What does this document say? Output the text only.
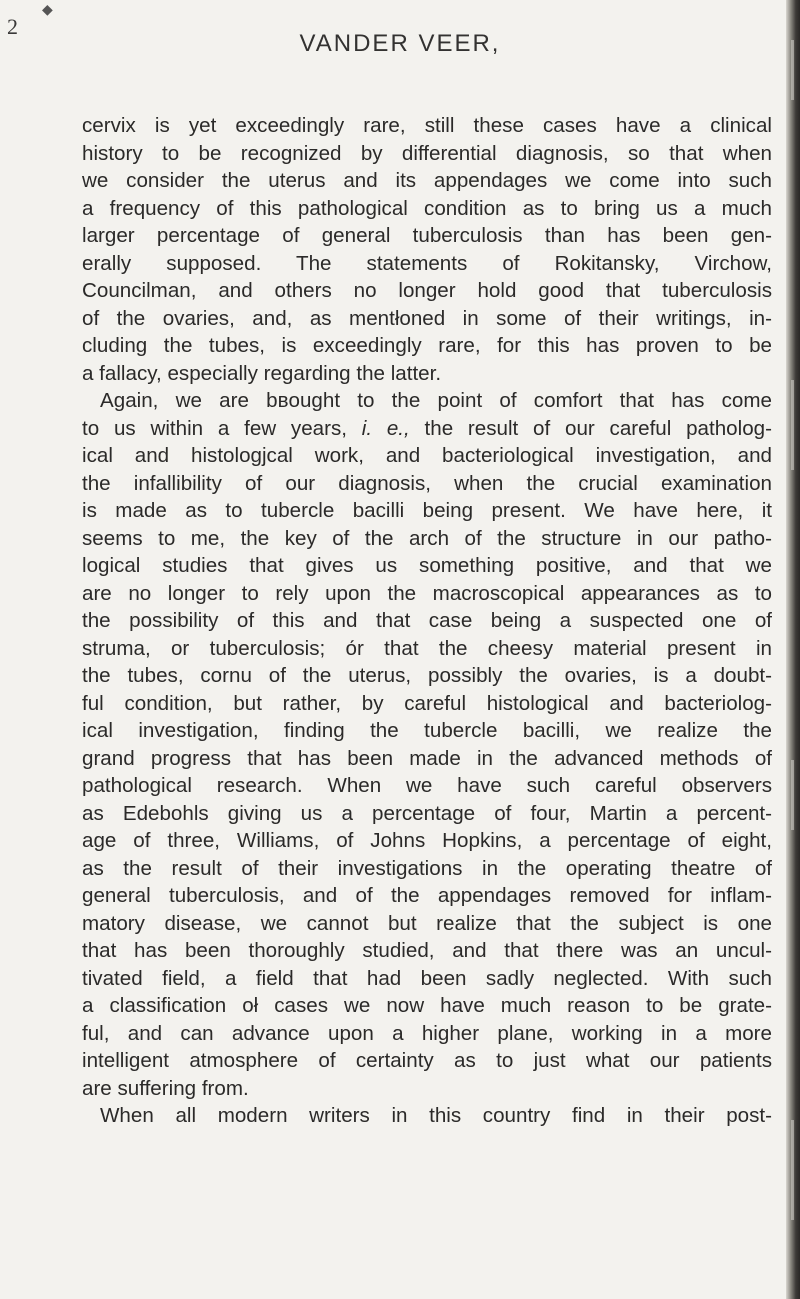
◆
2
VANDER VEER,
cervix is yet exceedingly rare, still these cases have a clinical
history to be recognized by differential diagnosis, so that when
we consider the uterus and its appendages we come into such
a frequency of this pathological condition as to bring us a much
larger percentage of general tuberculosis than has been gen-
erally supposed. The statements of Rokitansky, Virchow,
Councilman, and others no longer hold good that tuberculosis
of the ovaries, and, as mentłoned in some of their writings, in-
cluding the tubes, is exceedingly rare, for this has proven to be
a fallacy, especially regarding the latter.
Again, we are bвought to the point of comfort that has come
to us within a few years, i. e., the result of our careful patholog-
ical and histologjcal work, and bacteriological investigation, and
the infallibility of our diagnosis, when the crucial examination
is made as to tubercle bacilli being present. We have here, it
seems to me, the key of the arch of the structure in our patho-
logical studies that gives us something positive, and that we
are no longer to rely upon the macroscopical appearances as to
the possibility of this and that case being a suspected one of
struma, or tuberculosis; о́r that the cheesy material present in
the tubes, cornu of the uterus, possibly the ovaries, is a doubt-
ful condition, but rather, by careful histological and bacteriolog-
ical investigation, finding the tubercle bacilli, we realize the
grand progress that has been made in the advanced methods of
pathological research. When we have such careful observers
as Edebohls giving us a percentage of four, Martin a percent-
age of three, Williams, of Johns Hopkins, a percentage of eight,
as the result of their investigations in the operating theatre of
general tuberculosis, and of the appendages removed for inflam-
matory disease, we cannot but realize that the subject is one
that has been thoroughly studied, and that there was an uncul-
tivated field, a field that had been sadly neglected. With such
a classification oł cases we now have much reason to be grate-
ful, and can advance upon a higher plane, working in a more
intelligent atmosphere of certainty as to just what our patients
are suffering from.
When all modern writers in this country find in their post-
